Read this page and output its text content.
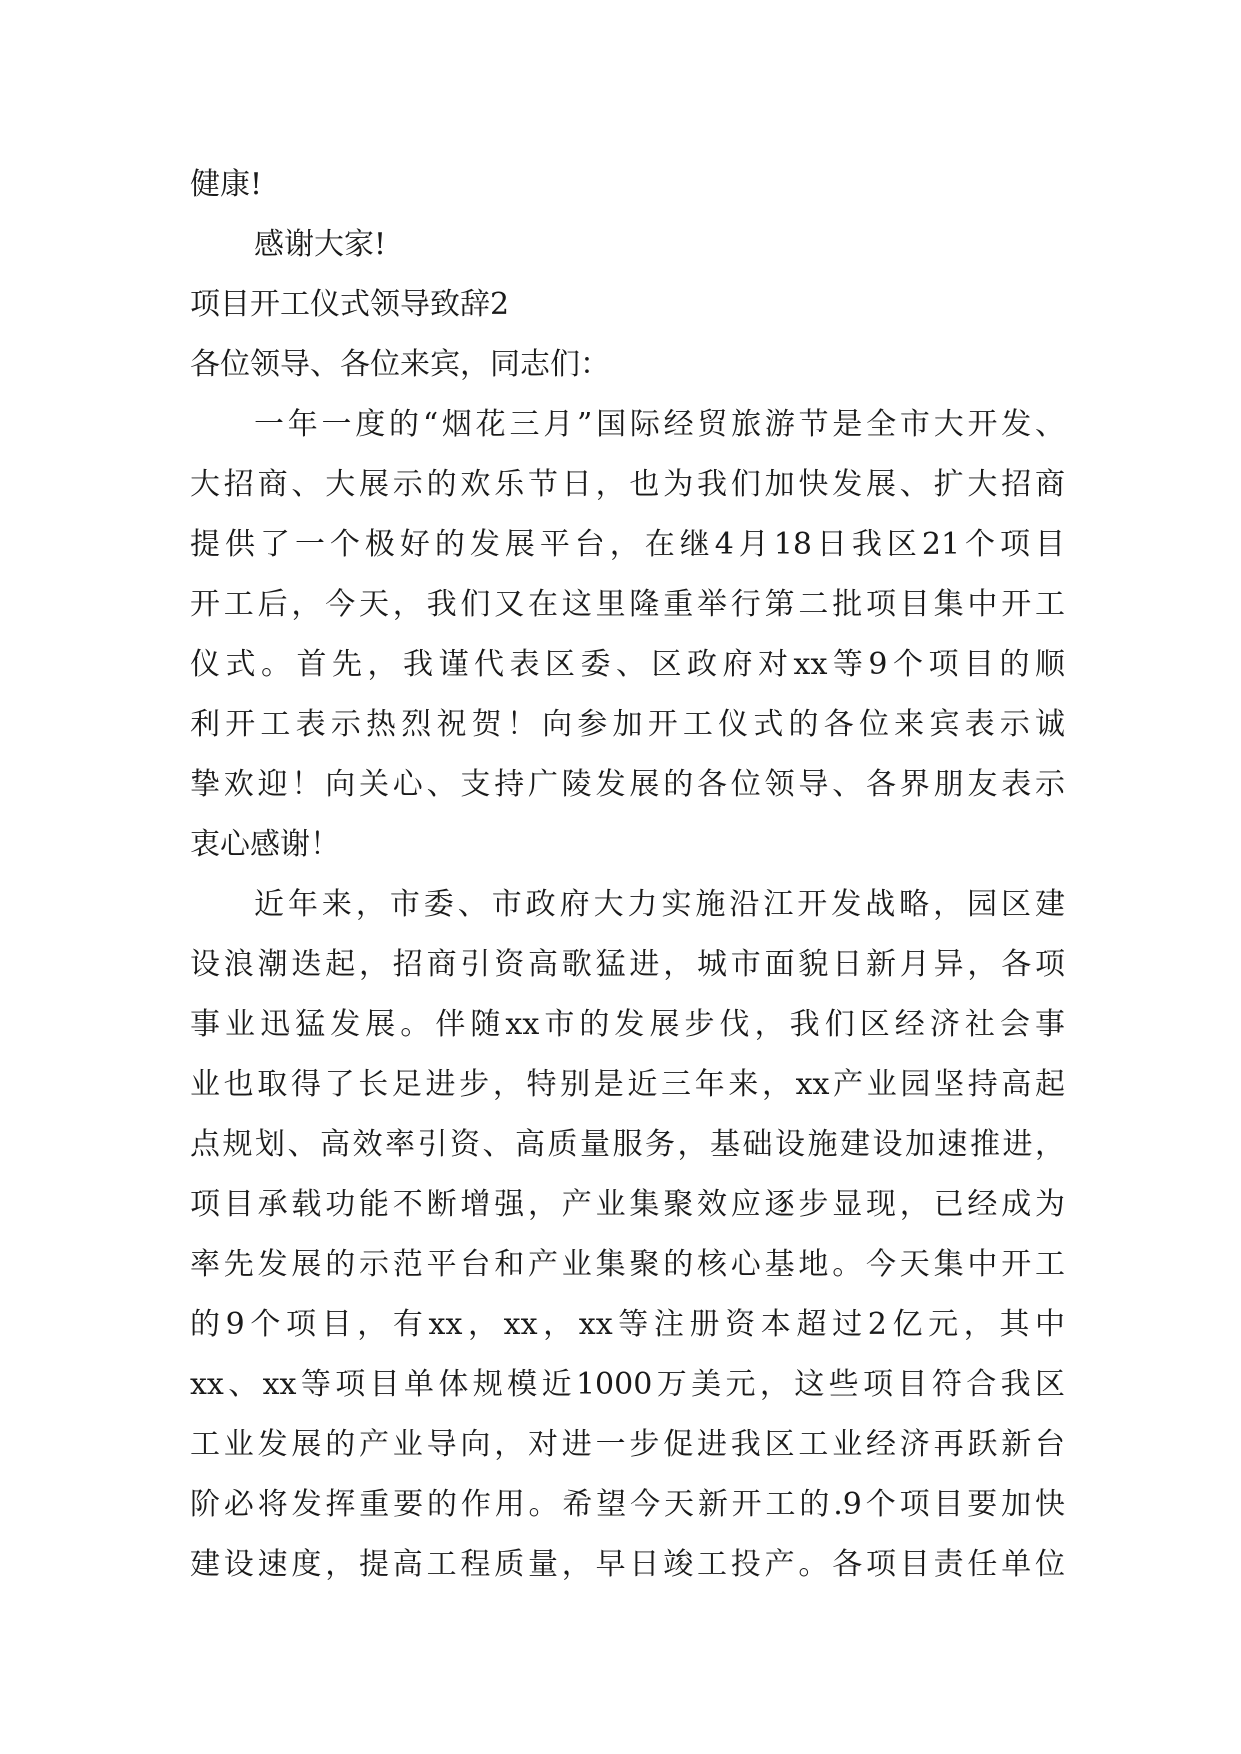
健康!
感谢大家!
项目开工仪式领导致辞2
各位领导、各位来宾，同志们：
一年一度的“烟花三月”国际经贸旅游节是全市大开发、
大招商、大展示的欢乐节日，也为我们加快发展、扩大招商
提供了一个极好的发展平台，在继4月18日我区21个项目
开工后，今天，我们又在这里隆重举行第二批项目集中开工
仪式。首先，我谨代表区委、区政府对xx等9个项目的顺
利开工表示热烈祝贺！向参加开工仪式的各位来宾表示诚
挚欢迎！向关心、支持广陵发展的各位领导、各界朋友表示
衷心感谢！
近年来，市委、市政府大力实施沿江开发战略，园区建
设浪潮迭起，招商引资高歌猛进，城市面貌日新月异，各项
事业迅猛发展。伴随xx市的发展步伐，我们区经济社会事
业也取得了长足进步，特别是近三年来，xx产业园坚持高起
点规划、高效率引资、高质量服务，基础设施建设加速推进，
项目承载功能不断增强，产业集聚效应逐步显现，已经成为
率先发展的示范平台和产业集聚的核心基地。今天集中开工
的9个项目，有xx，xx，xx等注册资本超过2亿元，其中
xx、xx等项目单体规模近1000万美元，这些项目符合我区
工业发展的产业导向，对进一步促进我区工业经济再跃新台
阶必将发挥重要的作用。希望今天新开工的.9个项目要加快
建设速度，提高工程质量，早日竣工投产。各项目责任单位
